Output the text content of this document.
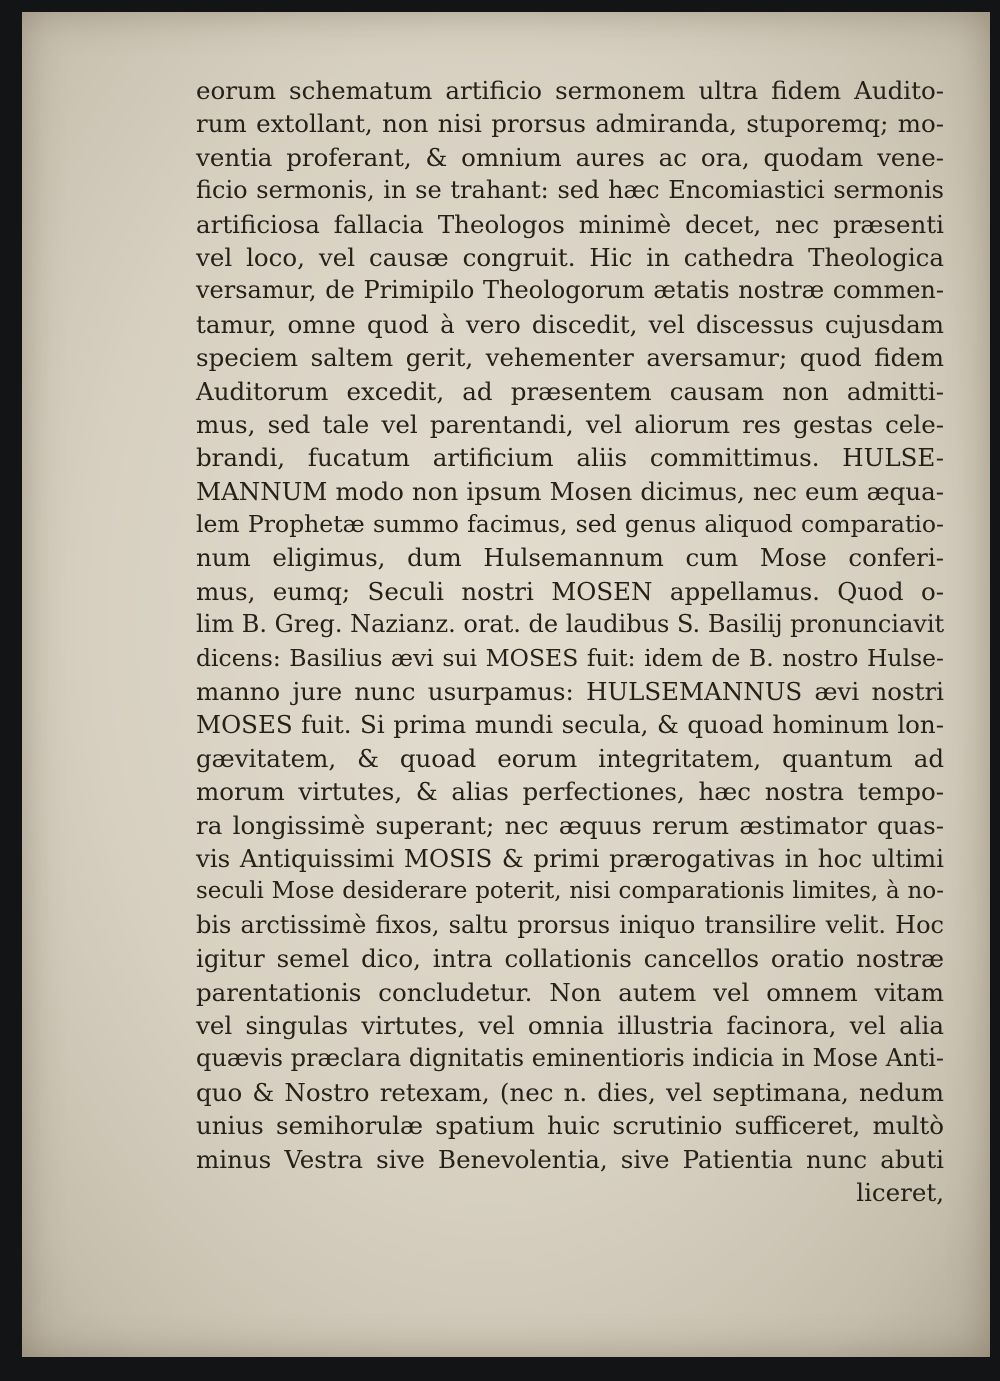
eorum schematum artificio sermonem ultra fidem Audito-
rum extollant, non nisi prorsus admiranda, stuporemq; mo-
ventia proferant, & omnium aures ac ora, quodam vene-
ficio sermonis, in se trahant: sed hæc Encomiastici sermonis
artificiosa fallacia Theologos minimè decet, nec præsenti
vel loco, vel causæ congruit. Hic in cathedra Theologica
versamur, de Primipilo Theologorum ætatis nostræ commen-
tamur, omne quod à vero discedit, vel discessus cujusdam
speciem saltem gerit, vehementer aversamur; quod fidem
Auditorum excedit, ad præsentem causam non admitti-
mus, sed tale vel parentandi, vel aliorum res gestas cele-
brandi, fucatum artificium aliis committimus. HULSE-
MANNUM modo non ipsum Mosen dicimus, nec eum æqua-
lem Prophetæ summo facimus, sed genus aliquod comparatio-
num eligimus, dum Hulsemannum cum Mose conferi-
mus, eumq; Seculi nostri MOSEN appellamus. Quod o-
lim B. Greg. Nazianz. orat. de laudibus S. Basilij pronunciavit
dicens: Basilius ævi sui MOSES fuit: idem de B. nostro Hulse-
manno jure nunc usurpamus: HULSEMANNUS ævi nostri
MOSES fuit. Si prima mundi secula, & quoad hominum lon-
gævitatem, & quoad eorum integritatem, quantum ad
morum virtutes, & alias perfectiones, hæc nostra tempo-
ra longissimè superant; nec æquus rerum æstimator quas-
vis Antiquissimi MOSIS & primi prærogativas in hoc ultimi
seculi Mose desiderare poterit, nisi comparationis limites, à no-
bis arctissimè fixos, saltu prorsus iniquo transilire velit. Hoc
igitur semel dico, intra collationis cancellos oratio nostræ
parentationis concludetur. Non autem vel omnem vitam
vel singulas virtutes, vel omnia illustria facinora, vel alia
quævis præclara dignitatis eminentioris indicia in Mose Anti-
quo & Nostro retexam, (nec n. dies, vel septimana, nedum
unius semihorulæ spatium huic scrutinio sufficeret, multò
minus Vestra sive Benevolentia, sive Patientia nunc abuti
liceret,
